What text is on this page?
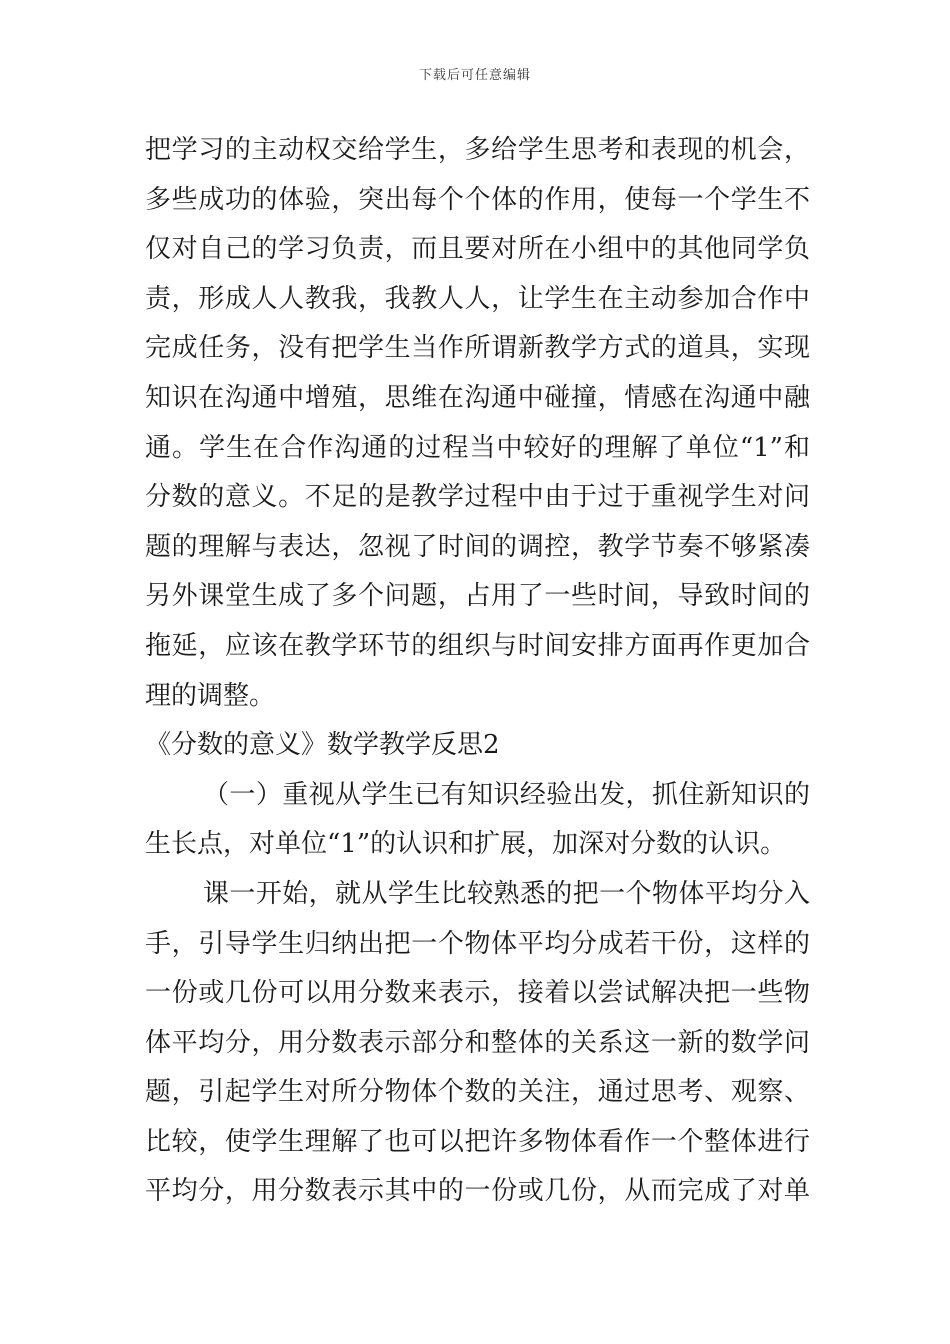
下载后可任意编辑
把学习的主动权交给学生，多给学生思考和表现的机会，
多些成功的体验，突出每个个体的作用，使每一个学生不
仅对自己的学习负责，而且要对所在小组中的其他同学负
责，形成人人教我，我教人人，让学生在主动参加合作中
完成任务，没有把学生当作所谓新教学方式的道具，实现
知识在沟通中增殖，思维在沟通中碰撞，情感在沟通中融
通。学生在合作沟通的过程当中较好的理解了单位“1”和
分数的意义。不足的是教学过程中由于过于重视学生对问
题的理解与表达，忽视了时间的调控，教学节奏不够紧凑
另外课堂生成了多个问题，占用了一些时间，导致时间的
拖延，应该在教学环节的组织与时间安排方面再作更加合
理的调整。
《分数的意义》数学教学反思2
（一）重视从学生已有知识经验出发，抓住新知识的
生长点，对单位“1”的认识和扩展，加深对分数的认识。
课一开始，就从学生比较熟悉的把一个物体平均分入
手，引导学生归纳出把一个物体平均分成若干份，这样的
一份或几份可以用分数来表示，接着以尝试解决把一些物
体平均分，用分数表示部分和整体的关系这一新的数学问
题，引起学生对所分物体个数的关注，通过思考、观察、
比较，使学生理解了也可以把许多物体看作一个整体进行
平均分，用分数表示其中的一份或几份，从而完成了对单
